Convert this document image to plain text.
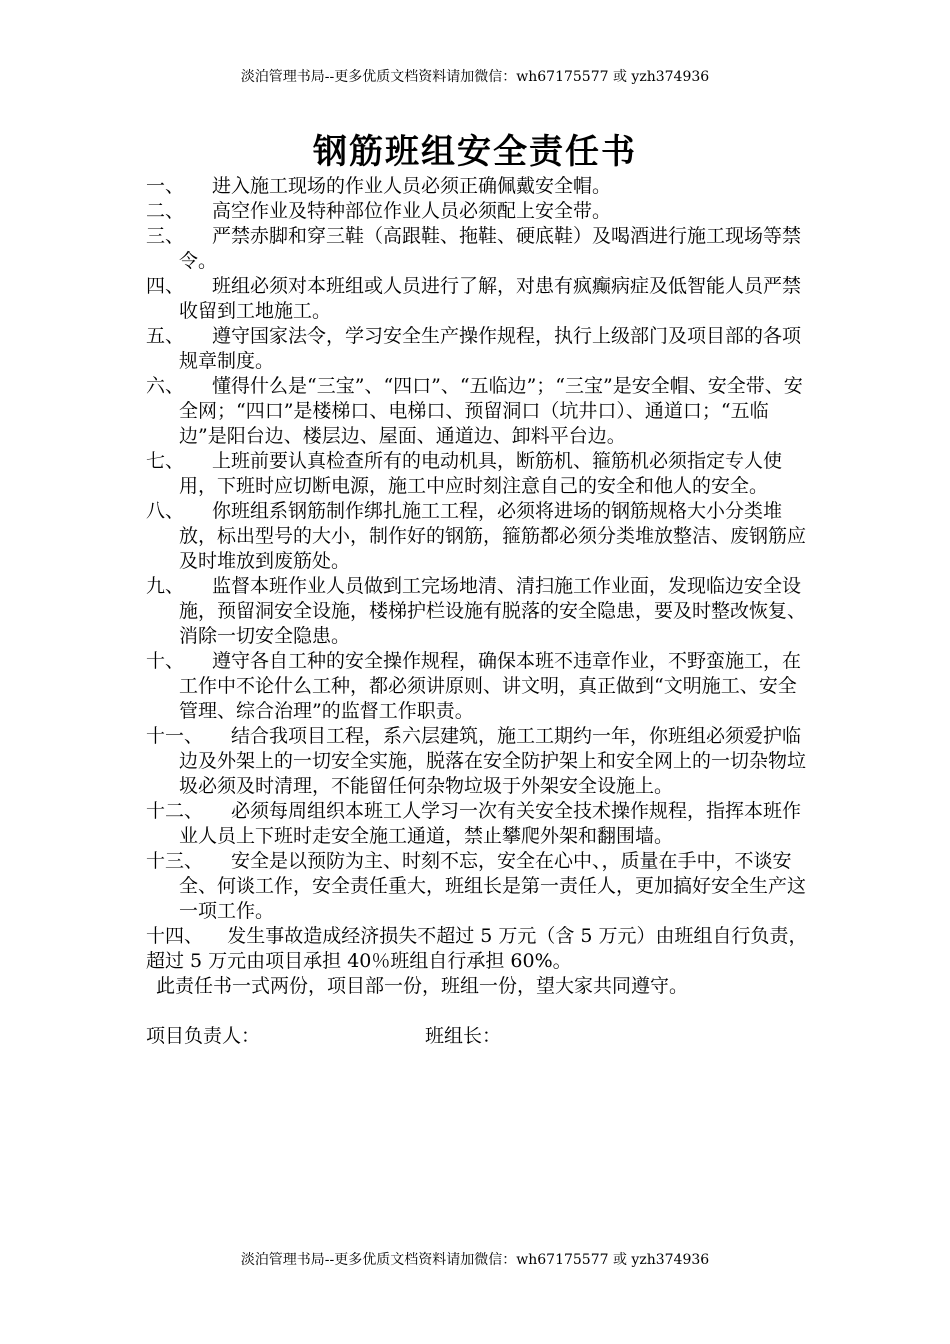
淡泊管理书局--更多优质文档资料请加微信：wh67175577 或 yzh374936
钢筋班组安全责任书
一、 进入施工现场的作业人员必须正确佩戴安全帽。
二、 高空作业及特种部位作业人员必须配上安全带。
三、 严禁赤脚和穿三鞋（高跟鞋、拖鞋、硬底鞋）及喝酒进行施工现场等禁令。
四、 班组必须对本班组或人员进行了解，对患有疯癫病症及低智能人员严禁收留到工地施工。
五、 遵守国家法令，学习安全生产操作规程，执行上级部门及项目部的各项规章制度。
六、 懂得什么是“三宝”、“四口”、“五临边”；“三宝”是安全帽、安全带、安全网；“四口”是楼梯口、电梯口、预留洞口（坑井口）、通道口；“五临边”是阳台边、楼层边、屋面、通道边、卸料平台边。
七、 上班前要认真检查所有的电动机具，断筋机、箍筋机必须指定专人使用，下班时应切断电源，施工中应时刻注意自己的安全和他人的安全。
八、 你班组系钢筋制作绑扎施工工程，必须将进场的钢筋规格大小分类堆放，标出型号的大小，制作好的钢筋，箍筋都必须分类堆放整洁、废钢筋应及时堆放到废筋处。
九、 监督本班作业人员做到工完场地清、清扫施工作业面，发现临边安全设施，预留洞安全设施，楼梯护栏设施有脱落的安全隐患，要及时整改恢复、消除一切安全隐患。
十、 遵守各自工种的安全操作规程，确保本班不违章作业，不野蛮施工，在工作中不论什么工种，都必须讲原则、讲文明，真正做到“文明施工、安全管理、综合治理”的监督工作职责。
十一、 结合我项目工程，系六层建筑，施工工期约一年，你班组必须爱护临边及外架上的一切安全实施，脱落在安全防护架上和安全网上的一切杂物垃圾必须及时清理，不能留任何杂物垃圾于外架安全设施上。
十二、 必须每周组织本班工人学习一次有关安全技术操作规程，指挥本班作业人员上下班时走安全施工通道，禁止攀爬外架和翻围墙。
十三、 安全是以预防为主、时刻不忘，安全在心中、，质量在手中，不谈安全、何谈工作，安全责任重大，班组长是第一责任人，更加搞好安全生产这一项工作。
十四、 发生事故造成经济损失不超过 5 万元（含 5 万元）由班组自行负责，超过 5 万元由项目承担 40％班组自行承担 60%。
此责任书一式两份，项目部一份，班组一份，望大家共同遵守。
项目负责人：	班组长：
淡泊管理书局--更多优质文档资料请加微信：wh67175577 或 yzh374936
